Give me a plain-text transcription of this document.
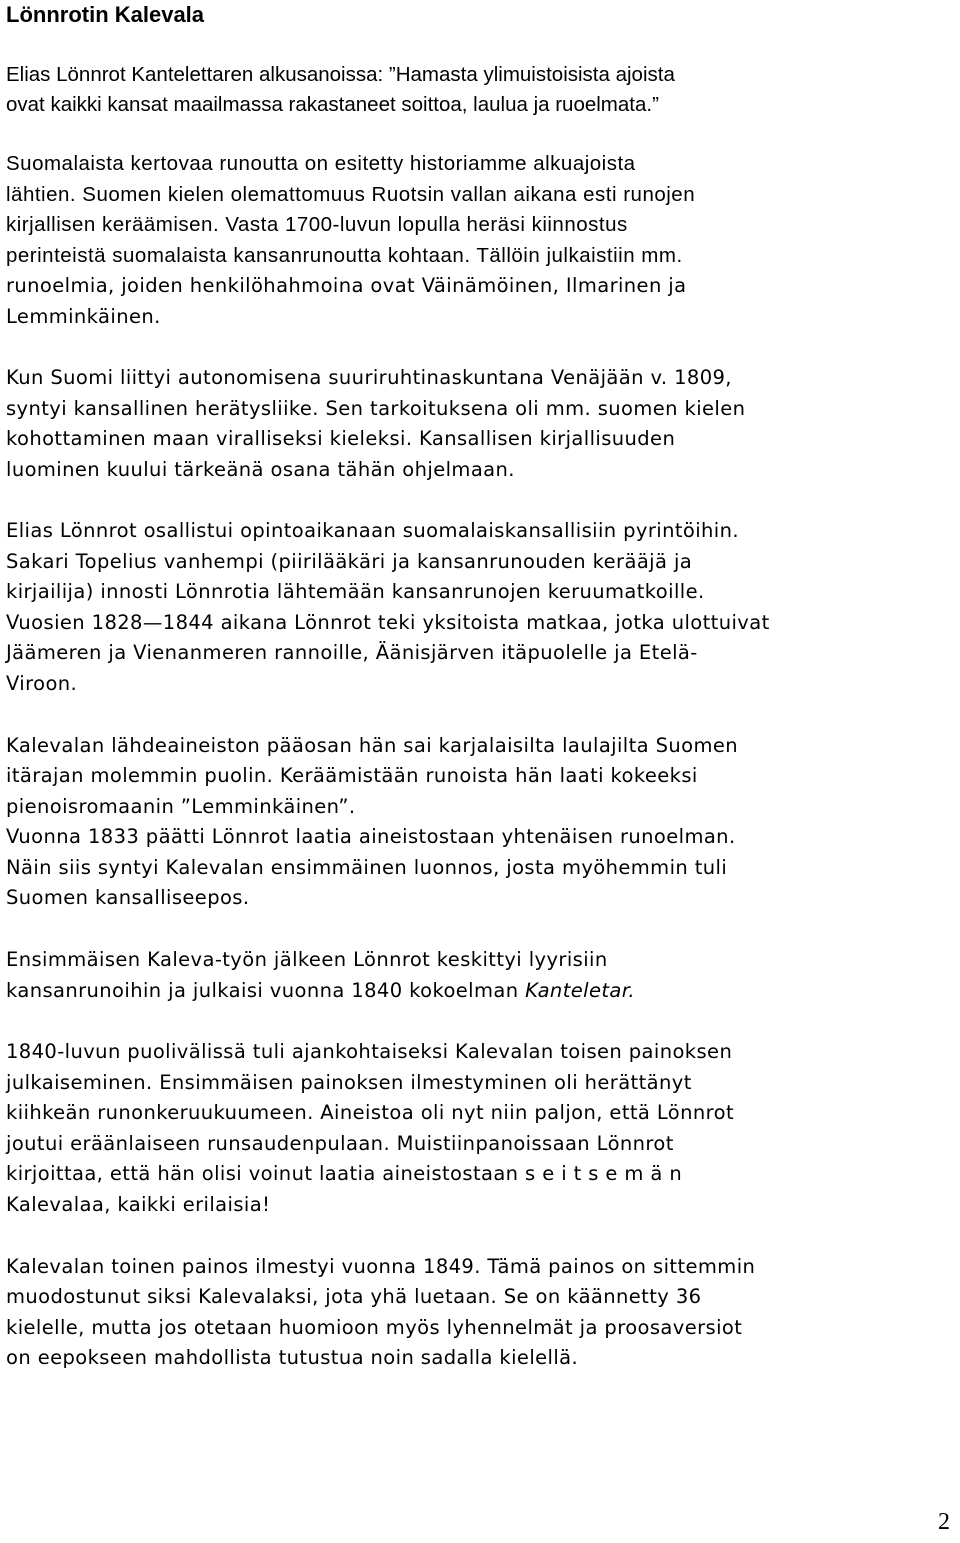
Lönnrotin Kalevala

Elias Lönnrot Kantelettaren alkusanoissa: ”Hamasta ylimuistoisista ajoista

ovat kaikki kansat maailmassa rakastaneet soittoa, laulua ja ruoelmata.”

Suomalaista kertovaa runoutta on esitetty historiamme alkuajoista

lähtien. Suomen kielen olemattomuus Ruotsin vallan aikana esti runojen

kirjallisen keräämisen. Vasta 1700-luvun lopulla heräsi kiinnostus

perinteistä suomalaista kansanrunoutta kohtaan. Tällöin julkaistiin mm.

runoelmia, joiden henkilöhahmoina ovat Väinämöinen, Ilmarinen ja

Lemminkäinen.

Kun Suomi liittyi autonomisena suuriruhtinaskuntana Venäjään v. 1809,

syntyi kansallinen herätysliike. Sen tarkoituksena oli mm. suomen kielen

kohottaminen maan viralliseksi kieleksi. Kansallisen kirjallisuuden

luominen kuului tärkeänä osana tähän ohjelmaan.

Elias Lönnrot osallistui opintoaikanaan suomalaiskansallisiin pyrintöihin.

Sakari Topelius vanhempi (piirilääkäri ja kansanrunouden kerääjä ja

kirjailija) innosti Lönnrotia lähtemään kansanrunojen keruumatkoille.

Vuosien 1828—1844 aikana Lönnrot teki yksitoista matkaa, jotka ulottuivat

Jäämeren ja Vienanmeren rannoille, Äänisjärven itäpuolelle ja Etelä-

Viroon.

Kalevalan lähdeaineiston pääosan hän sai karjalaisilta laulajilta Suomen

itärajan molemmin puolin. Keräämistään runoista hän laati kokeeksi

pienoisromaanin ”Lemminkäinen”.

Vuonna 1833 päätti Lönnrot laatia aineistostaan yhtenäisen runoelman.

Näin siis syntyi Kalevalan ensimmäinen luonnos, josta myöhemmin tuli

Suomen kansalliseepos.

Ensimmäisen Kaleva-työn jälkeen Lönnrot keskittyi lyyrisiin

kansanrunoihin ja julkaisi vuonna 1840 kokoelman Kanteletar.

1840-luvun puolivälissä tuli ajankohtaiseksi Kalevalan toisen painoksen

julkaiseminen. Ensimmäisen painoksen ilmestyminen oli herättänyt

kiihkeän runonkeruukuumeen. Aineistoa oli nyt niin paljon, että Lönnrot

joutui eräänlaiseen runsaudenpulaan. Muistiinpanoissaan Lönnrot

kirjoittaa, että hän olisi voinut laatia aineistostaan s e i t s e m ä n

Kalevalaa, kaikki erilaisia!

Kalevalan toinen painos ilmestyi vuonna 1849. Tämä painos on sittemmin

muodostunut siksi Kalevalaksi, jota yhä luetaan. Se on käännetty 36

kielelle, mutta jos otetaan huomioon myös lyhennelmät ja proosaversiot

on eepokseen mahdollista tutustua noin sadalla kielellä.

2
